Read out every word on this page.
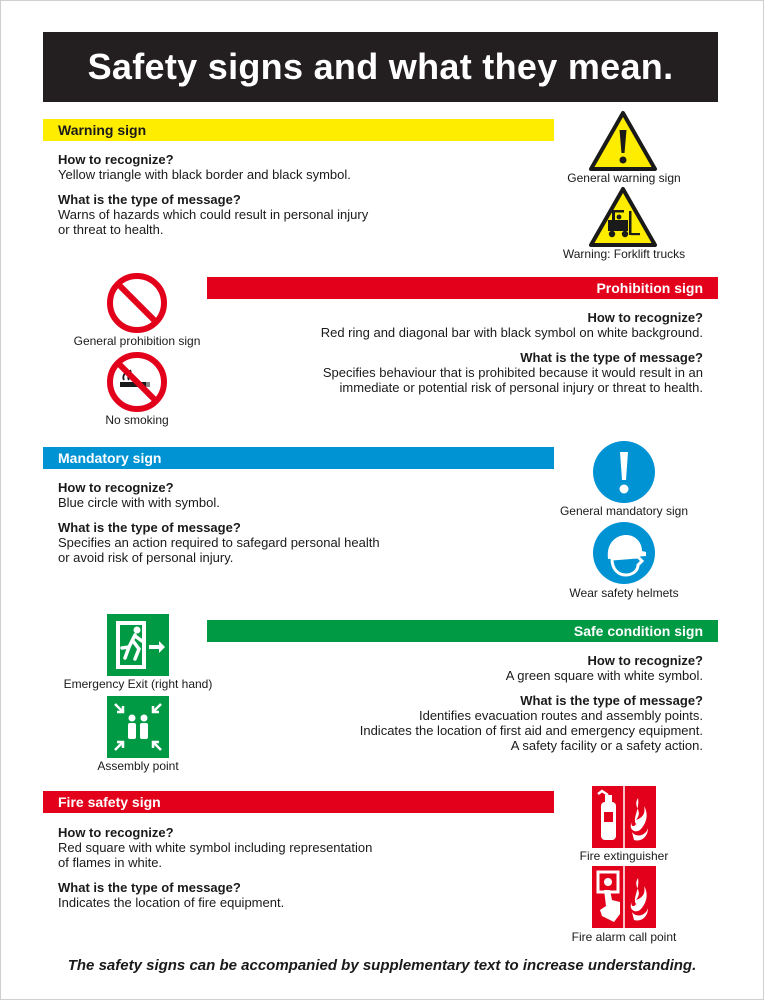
Safety signs and what they mean.
Warning sign
How to recognize?
Yellow triangle with black border and black symbol.
What is the type of message?
Warns of hazards which could result in personal injury
or threat to health.
General warning sign
Warning: Forklift trucks
Prohibition sign
How to recognize?
Red ring and diagonal bar with black symbol on white background.
What is the type of message?
Specifies behaviour that is prohibited because it would result in an
immediate or potential risk of personal injury or threat to health.
General prohibition sign
No smoking
Mandatory sign
How to recognize?
Blue circle with with symbol.
What is the type of message?
Specifies an action required to safegard personal health
or avoid risk of personal injury.
General mandatory sign
Wear safety helmets
Safe condition sign
How to recognize?
A green square with white symbol.
What is the type of message?
Identifies evacuation routes and assembly points.
Indicates the location of first aid and emergency equipment.
A safety facility or a safety action.
Emergency Exit (right hand)
Assembly point
Fire safety sign
How to recognize?
Red square with white symbol including representation
of flames in white.
What is the type of message?
Indicates the location of fire equipment.
Fire extinguisher
Fire alarm call point
The safety signs can be accompanied by supplementary text to increase understanding.
